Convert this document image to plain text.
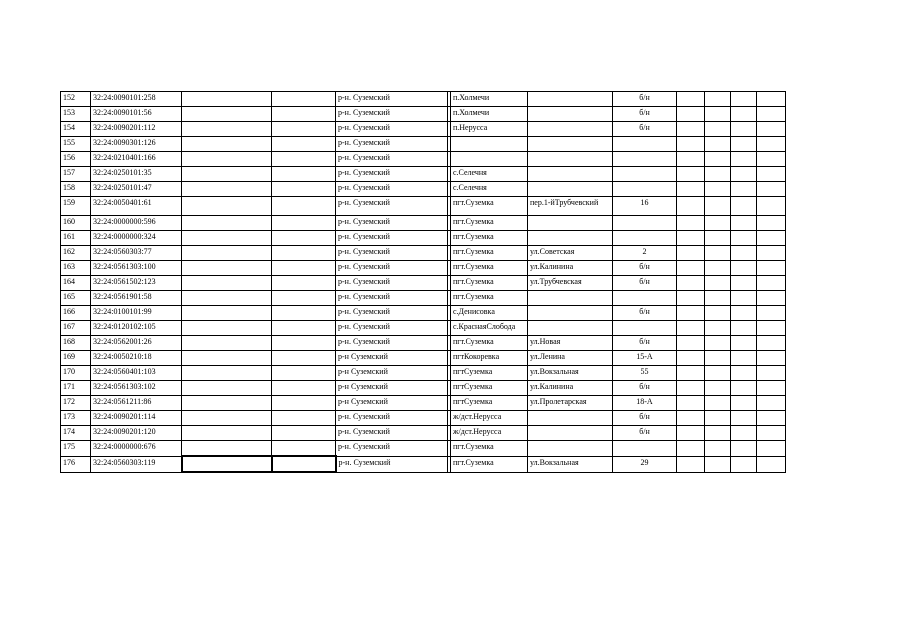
152	32:24:0090101:258			р-н. Суземский		п.Холмечи		б/н				
153	32:24:0090101:56			р-н. Суземский		п.Холмечи		б/н				
154	32:24:0090201:112			р-н. Суземский		п.Нерусса		б/н				
155	32:24:0090301:126			р-н. Суземский								
156	32:24:0210401:166			р-н. Суземский								
157	32:24:0250101:35			р-н. Суземский		с.Селечня						
158	32:24:0250101:47			р-н. Суземский		с.Селечня						
159	32:24:0050401:61			р-н. Суземский		пгт.Суземка	пер.1-йТрубчевский	16				
160	32:24:0000000:596			р-н. Суземский		пгт.Суземка						
161	32:24:0000000:324			р-н. Суземский		пгт.Суземка						
162	32:24:0560303:77			р-н. Суземский		пгт.Суземка	ул.Советская	2				
163	32:24:0561303:100			р-н. Суземский		пгт.Суземка	ул.Калинина	б/н				
164	32:24:0561502:123			р-н. Суземский		пгт.Суземка	ул.Трубчевская	б/н				
165	32:24:0561901:58			р-н. Суземский		пгт.Суземка						
166	32:24:0100101:99			р-н. Суземский		с.Денисовка		б/н				
167	32:24:0120102:105			р-н. Суземский		с.КраснаяСлобода						
168	32:24:0562001:26			р-н. Суземский		пгт.Суземка	ул.Новая	б/н				
169	32:24:0050210:18			р-н Суземский		пгтКокоревка	ул.Ленина	15-А				
170	32:24:0560401:103			р-н Суземский		пгтСуземка	ул.Вокзальная	55				
171	32:24:0561303:102			р-н Суземский		пгтСуземка	ул.Калинина	б/н				
172	32:24:0561211:86			р-н Суземский		пгтСуземка	ул.Пролетарская	18-А				
173	32:24:0090201:114			р-н. Суземский		ж/дст.Нерусса		б/н				
174	32:24:0090201:120			р-н. Суземский		ж/дст.Нерусса		б/н				
175	32:24:0000000:676			р-н. Суземский		пгт.Суземка						
176	32:24:0560303:119			р-н. Суземский		пгт.Суземка	ул.Вокзальная	29				
